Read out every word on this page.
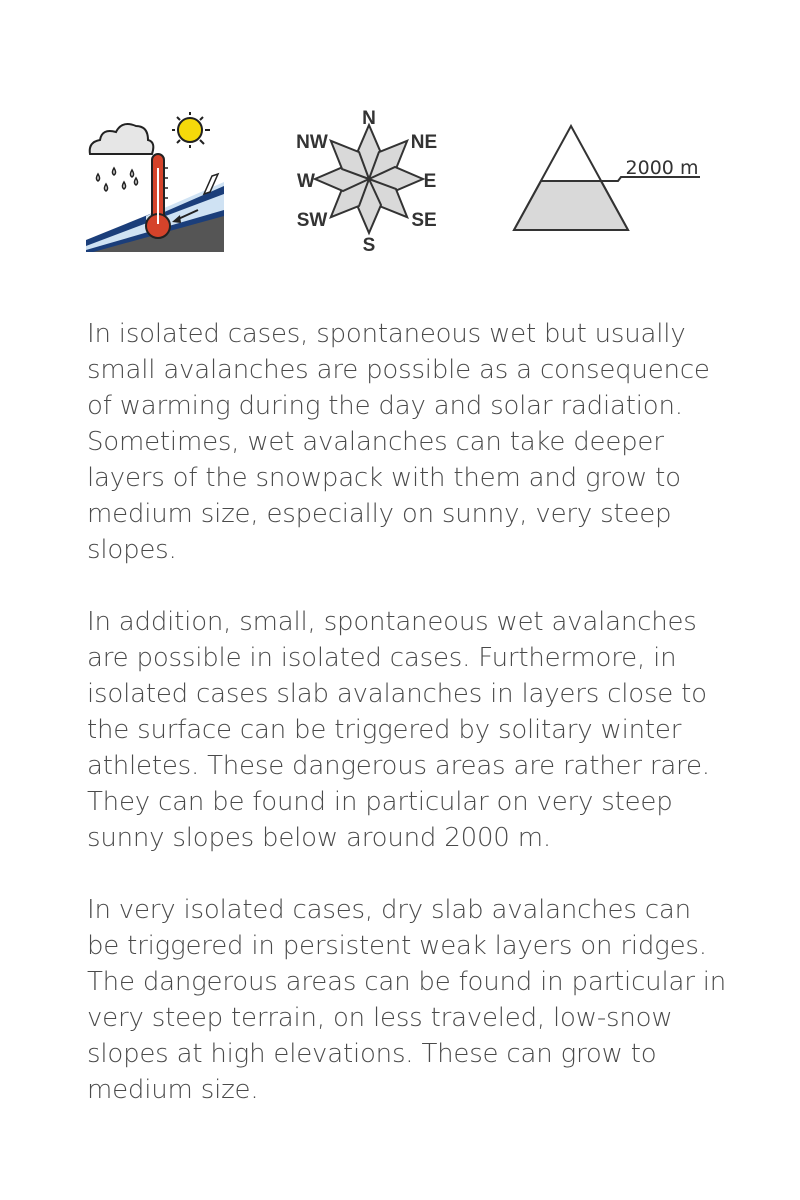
N
NE
E
SE
S
SW
W
NW
2000 m

In isolated cases, spontaneous wet but usually small avalanches are possible as a consequence of warming during the day and solar radiation. Sometimes, wet avalanches can take deeper layers of the snowpack with them and grow to medium size, especially on sunny, very steep slopes.

In addition, small, spontaneous wet avalanches are possible in isolated cases. Furthermore, in isolated cases slab avalanches in layers close to the surface can be triggered by solitary winter athletes. These dangerous areas are rather rare. They can be found in particular on very steep sunny slopes below around 2000 m.

In very isolated cases, dry slab avalanches can be triggered in persistent weak layers on ridges. The dangerous areas can be found in particular in very steep terrain, on less traveled, low-snow slopes at high elevations. These can grow to medium size.
